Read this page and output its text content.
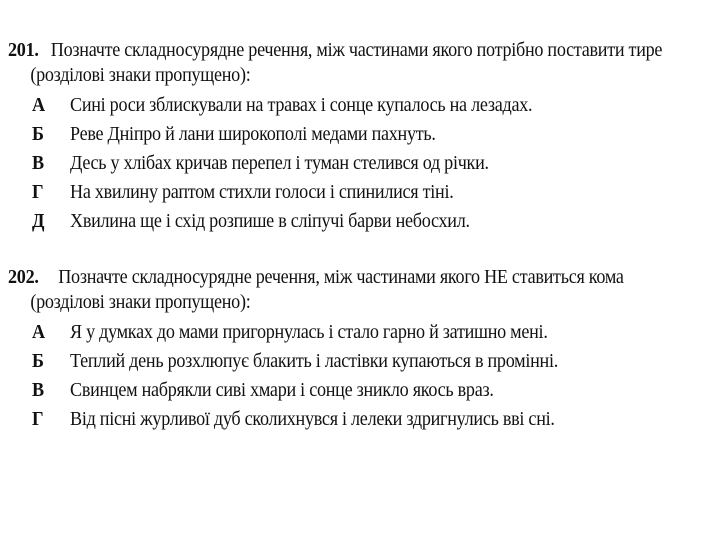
201. Позначте складносурядне речення, між частинами якого потрібно поставити тире
(розділові знаки пропущено):
А Сині роси зблискували на травах і сонце купалось на лезадах.
Б Реве Дніпро й лани широкополі медами пахнуть.
В Десь у хлібах кричав перепел і туман стелився од річки.
Г На хвилину раптом стихли голоси і спинилися тіні.
Д Хвилина ще і схід розпише в сліпучі барви небосхил.
202. Позначте складносурядне речення, між частинами якого НЕ ставиться кома
(розділові знаки пропущено):
А Я у думках до мами пригорнулась і стало гарно й затишно мені.
Б Теплий день розхлюпує блакить і ластівки купаються в промінні.
В Свинцем набрякли сиві хмари і сонце зникло якось враз.
Г Від пісні журливої дуб сколихнувся і лелеки здригнулись вві сні.
